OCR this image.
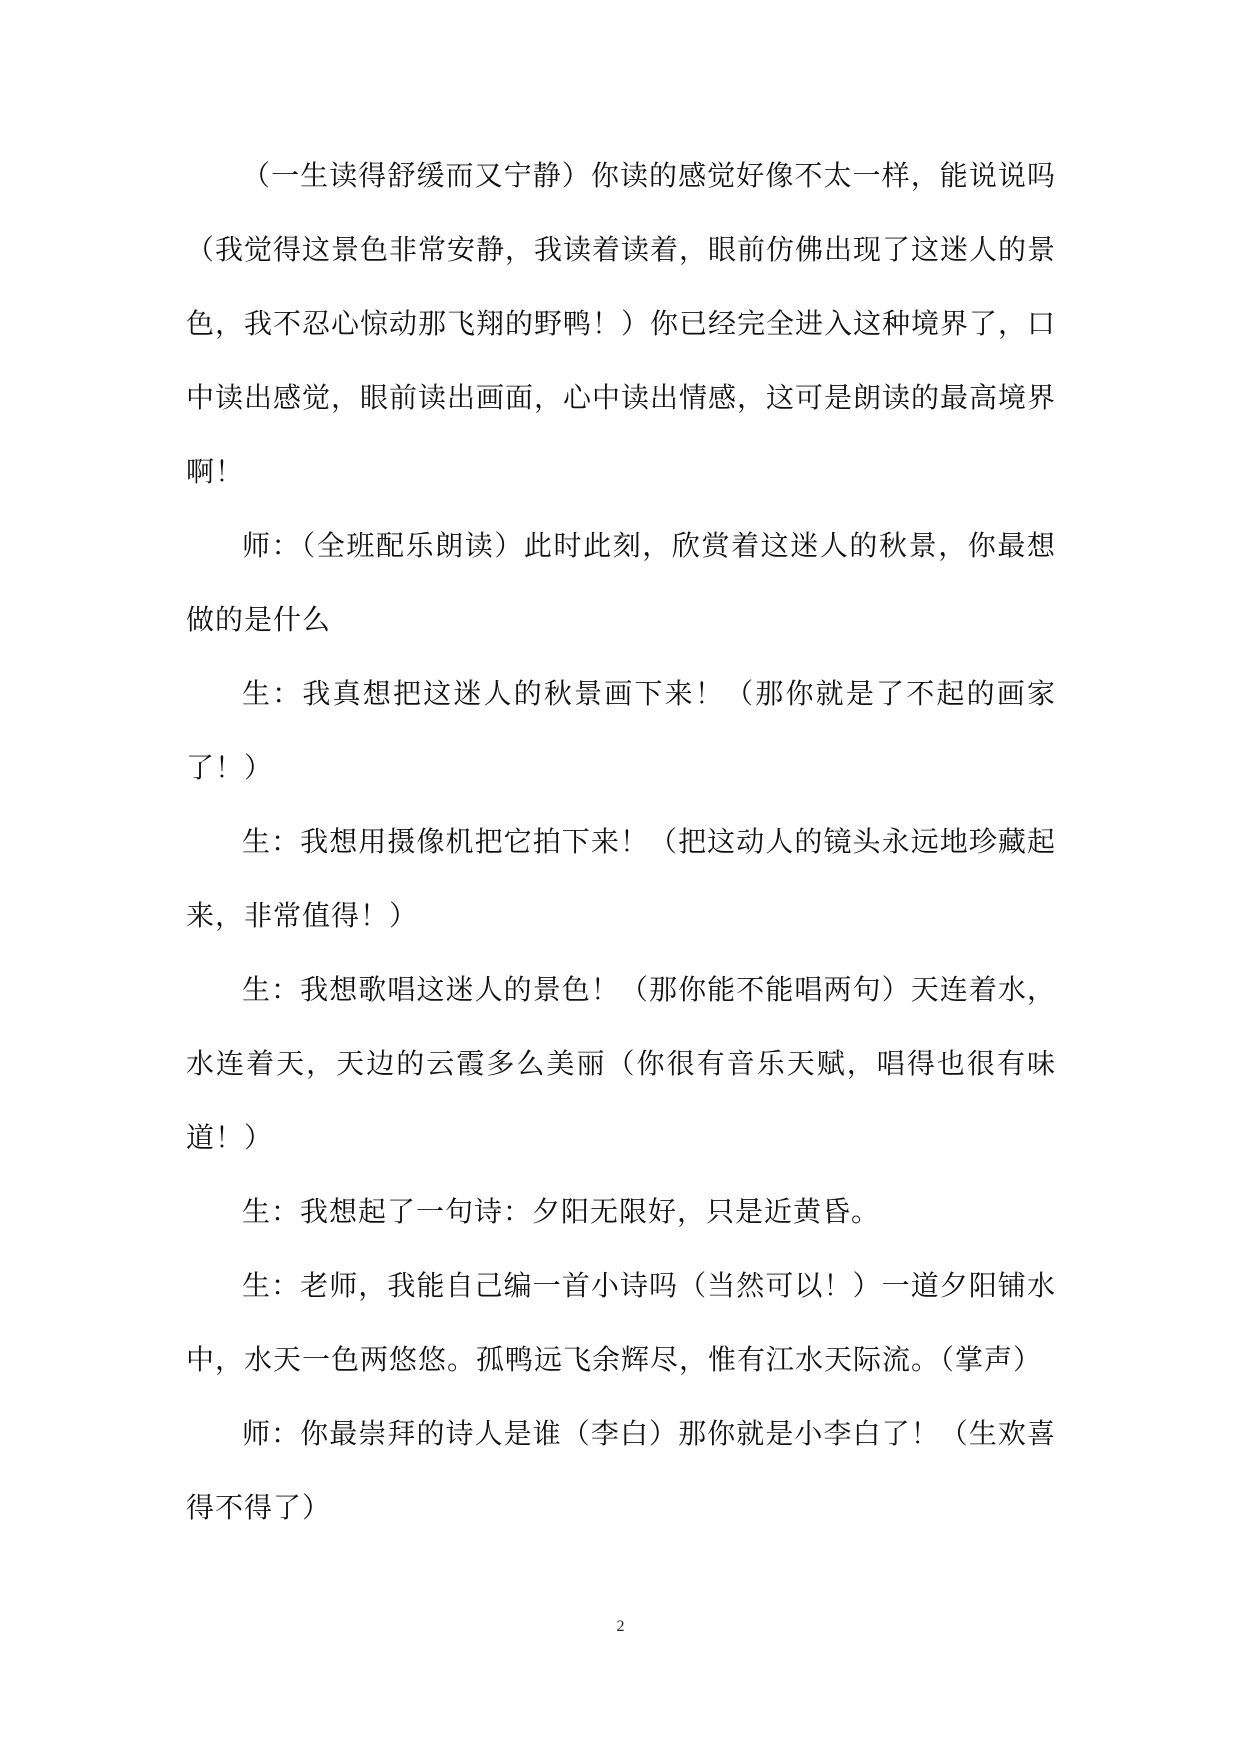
（一生读得舒缓而又宁静）你读的感觉好像不太一样，能说说吗（我觉得这景色非常安静，我读着读着，眼前仿佛出现了这迷人的景色，我不忍心惊动那飞翔的野鸭！）你已经完全进入这种境界了，口中读出感觉，眼前读出画面，心中读出情感，这可是朗读的最高境界啊！

师：（全班配乐朗读）此时此刻，欣赏着这迷人的秋景，你最想做的是什么

生：我真想把这迷人的秋景画下来！（那你就是了不起的画家了！）

生：我想用摄像机把它拍下来！（把这动人的镜头永远地珍藏起来，非常值得！）

生：我想歌唱这迷人的景色！（那你能不能唱两句）天连着水，水连着天，天边的云霞多么美丽（你很有音乐天赋，唱得也很有味道！）

生：我想起了一句诗：夕阳无限好，只是近黄昏。

生：老师，我能自己编一首小诗吗（当然可以！）一道夕阳铺水中，水天一色两悠悠。孤鸭远飞余辉尽，惟有江水天际流。（掌声）

师：你最崇拜的诗人是谁（李白）那你就是小李白了！（生欢喜得不得了）

2
